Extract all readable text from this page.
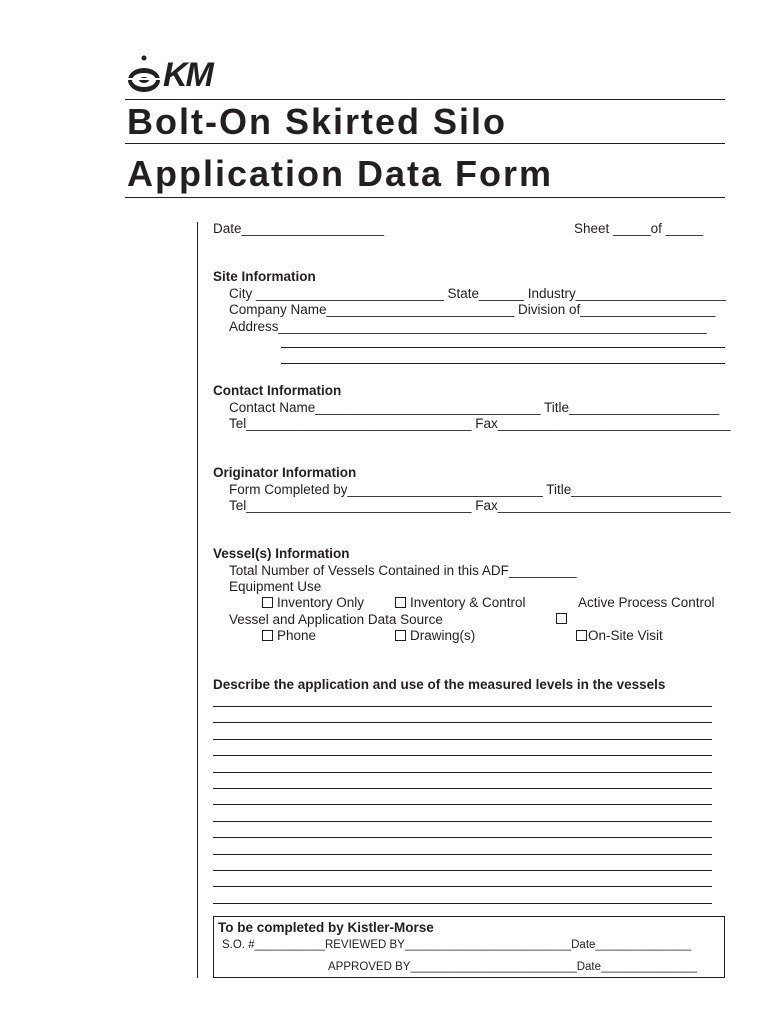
KM
Bolt-On Skirted Silo
Application Data Form
Date___________________	Sheet _____of _____
Site Information
City _________________________ State______ Industry____________________
Company Name_________________________ Division of__________________
Address_________________________________________________________
Contact Information
Contact Name______________________________ Title____________________
Tel______________________________ Fax_______________________________
Originator Information
Form Completed by__________________________ Title____________________
Tel______________________________ Fax_______________________________
Vessel(s) Information
Total Number of Vessels Contained in this ADF_________
Equipment Use
Inventory Only	Inventory & Control	Active Process Control
Vessel and Application Data Source
Phone	Drawing(s)	On-Site Visit
Describe the application and use of the measured levels in the vessels
To be completed by Kistler-Morse
S.O. #___________REVIEWED BY__________________________Date_______________
APPROVED BY__________________________Date_______________
